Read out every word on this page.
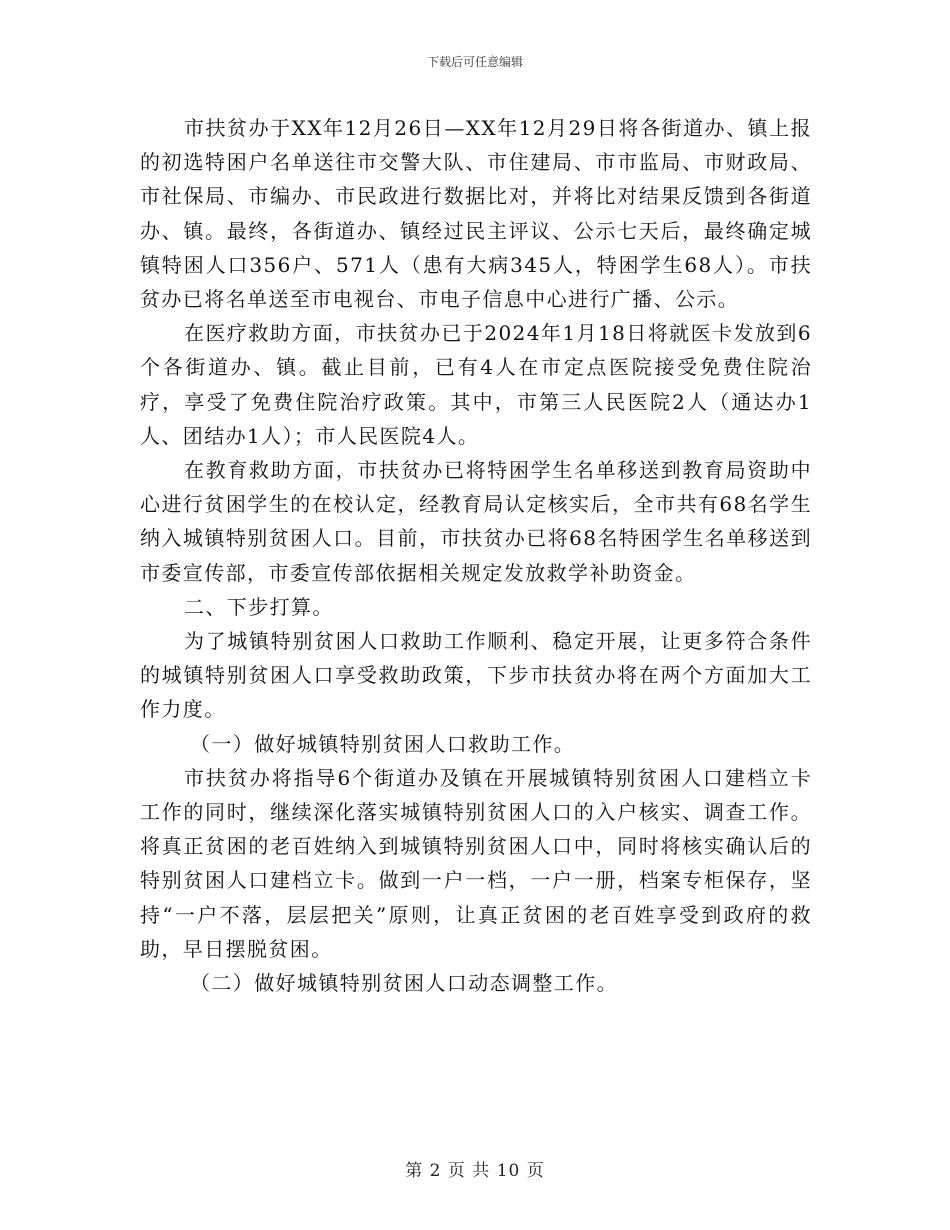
下载后可任意编辑

市扶贫办于XX年12月26日—XX年12月29日将各街道办、镇上报的初选特困户名单送往市交警大队、市住建局、市市监局、市财政局、市社保局、市编办、市民政进行数据比对，并将比对结果反馈到各街道办、镇。最终，各街道办、镇经过民主评议、公示七天后，最终确定城镇特困人口356户、571人（患有大病345人，特困学生68人）。市扶贫办已将名单送至市电视台、市电子信息中心进行广播、公示。

在医疗救助方面，市扶贫办已于2024年1月18日将就医卡发放到6个各街道办、镇。截止目前，已有4人在市定点医院接受免费住院治疗，享受了免费住院治疗政策。其中，市第三人民医院2人（通达办1人、团结办1人）；市人民医院4人。

在教育救助方面，市扶贫办已将特困学生名单移送到教育局资助中心进行贫困学生的在校认定，经教育局认定核实后，全市共有68名学生纳入城镇特别贫困人口。目前，市扶贫办已将68名特困学生名单移送到市委宣传部，市委宣传部依据相关规定发放救学补助资金。

二、下步打算。

为了城镇特别贫困人口救助工作顺利、稳定开展，让更多符合条件的城镇特别贫困人口享受救助政策，下步市扶贫办将在两个方面加大工作力度。

（一）做好城镇特别贫困人口救助工作。

市扶贫办将指导6个街道办及镇在开展城镇特别贫困人口建档立卡工作的同时，继续深化落实城镇特别贫困人口的入户核实、调查工作。将真正贫困的老百姓纳入到城镇特别贫困人口中，同时将核实确认后的特别贫困人口建档立卡。做到一户一档，一户一册，档案专柜保存，坚持“一户不落，层层把关”原则，让真正贫困的老百姓享受到政府的救助，早日摆脱贫困。

（二）做好城镇特别贫困人口动态调整工作。

第 2 页 共 10 页
